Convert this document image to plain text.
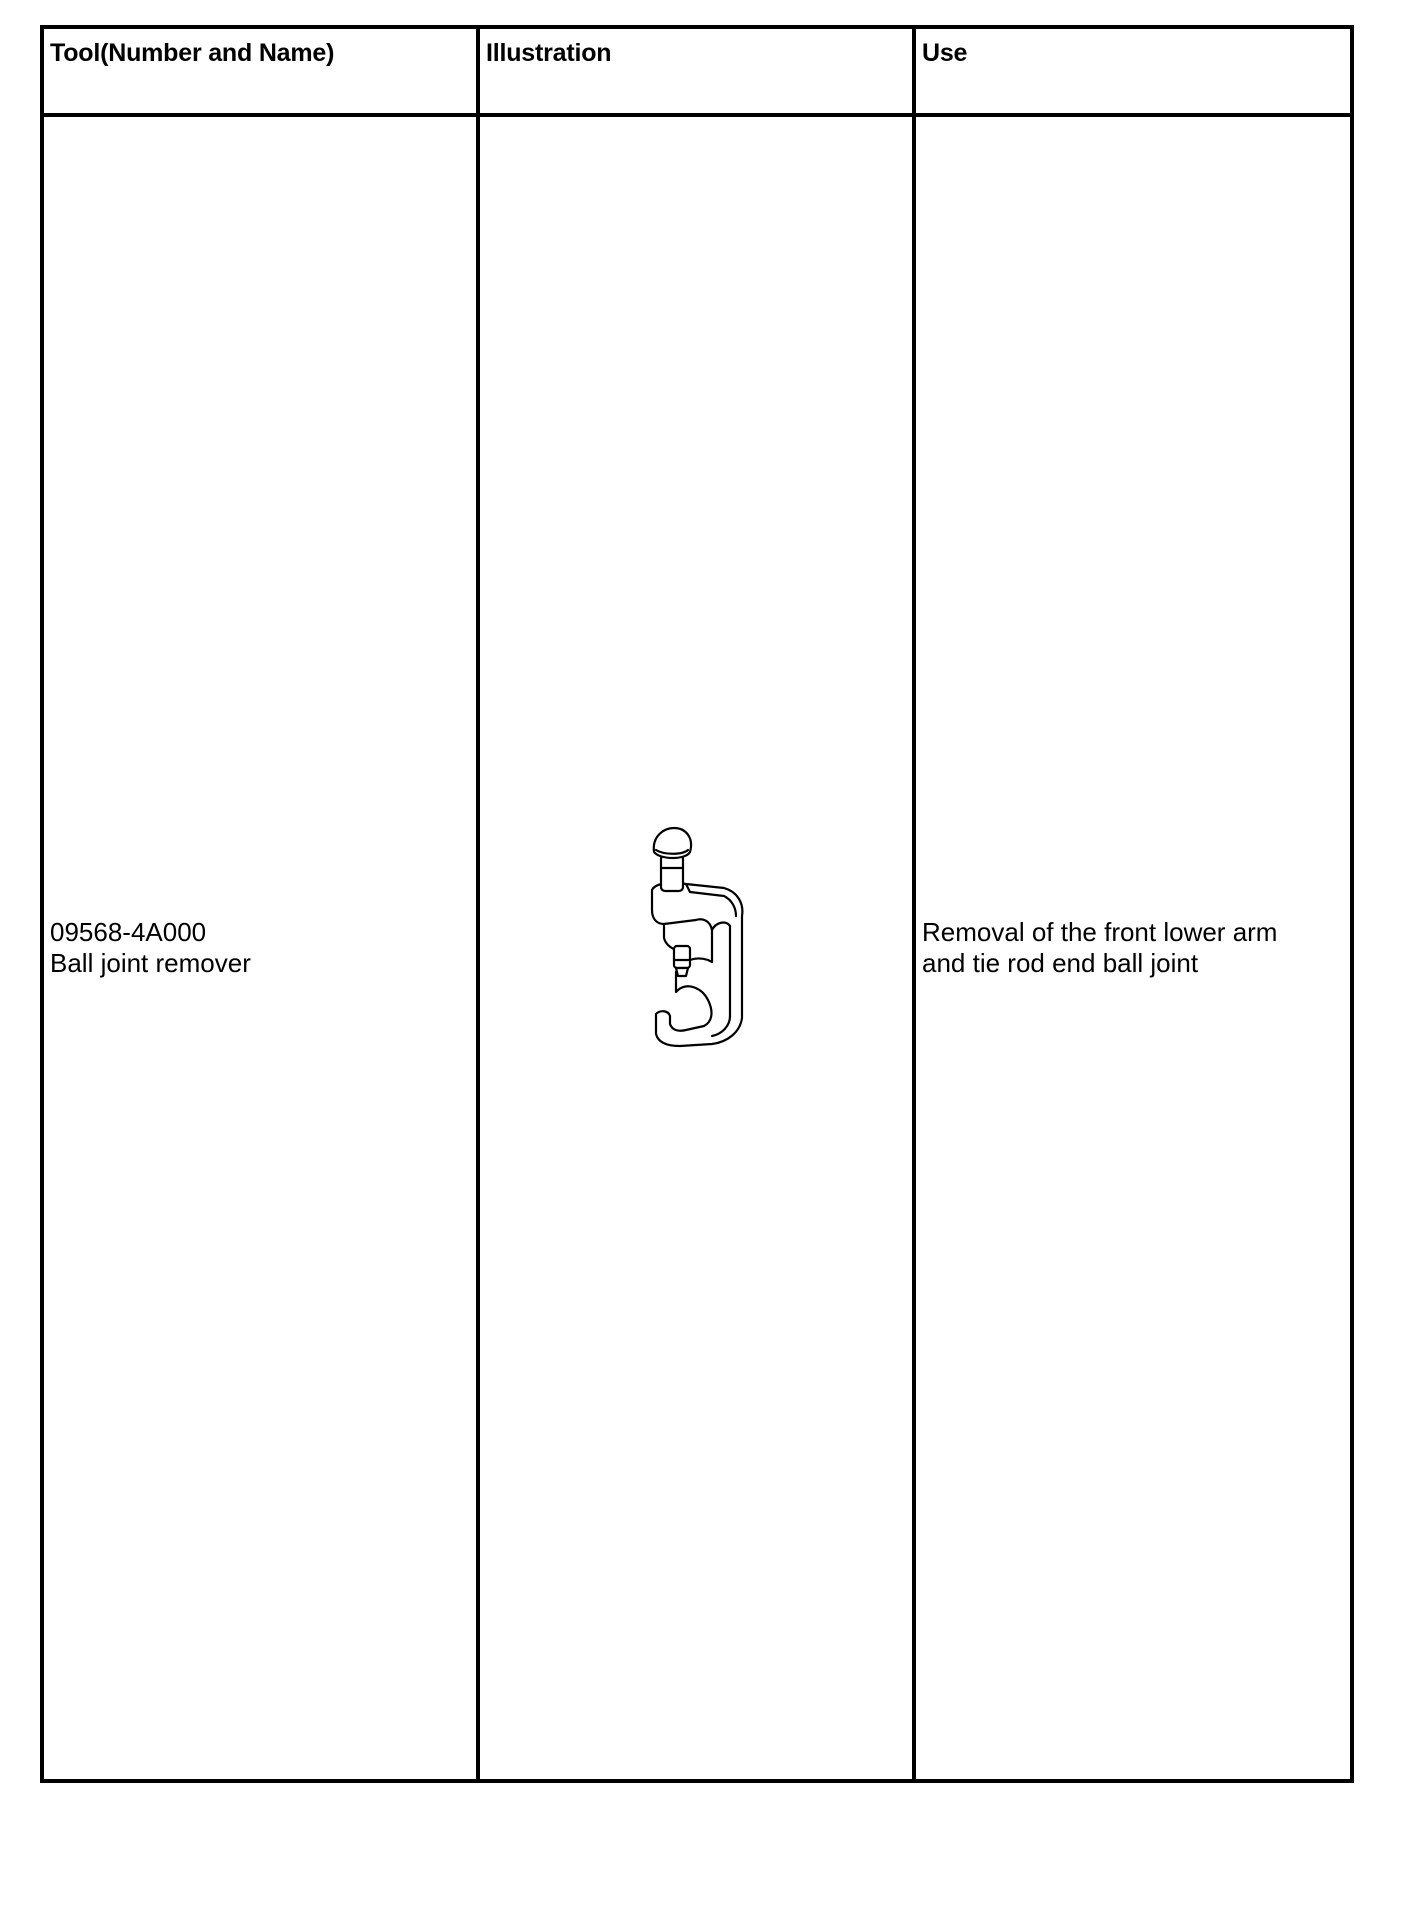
Tool(Number and Name)	Illustration	Use

09568-4A000
Ball joint remover		Removal of the front lower arm
and tie rod end ball joint
